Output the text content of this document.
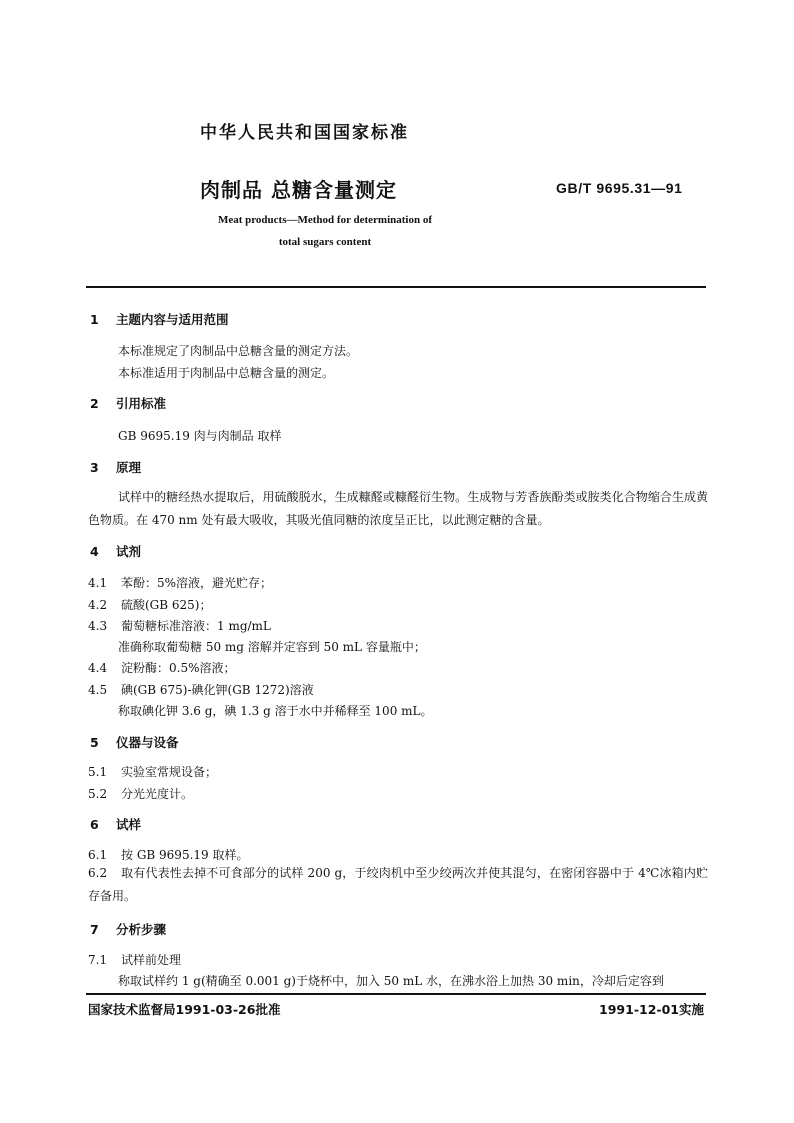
中华人民共和国国家标准
肉制品 总糖含量测定	GB/T 9695.31—91
Meat products—Method for determination of
total sugars content
1 主题内容与适用范围
本标准规定了肉制品中总糖含量的测定方法。
本标准适用于肉制品中总糖含量的测定。
2 引用标准
GB 9695.19 肉与肉制品 取样
3 原理
试样中的糖经热水提取后，用硫酸脱水，生成糠醛或糠醛衍生物。生成物与芳香族酚类或胺类化合物缩合生成黄色物质。在 470 nm 处有最大吸收，其吸光值同糖的浓度呈正比，以此测定糖的含量。
4 试剂
4.1 苯酚：5%溶液，避光贮存；
4.2 硫酸(GB 625)；
4.3 葡萄糖标准溶液：1 mg/mL
准确称取葡萄糖 50 mg 溶解并定容到 50 mL 容量瓶中；
4.4 淀粉酶：0.5%溶液；
4.5 碘(GB 675)-碘化钾(GB 1272)溶液
称取碘化钾 3.6 g，碘 1.3 g 溶于水中并稀释至 100 mL。
5 仪器与设备
5.1 实验室常规设备；
5.2 分光光度计。
6 试样
6.1 按 GB 9695.19 取样。
6.2 取有代表性去掉不可食部分的试样 200 g，于绞肉机中至少绞两次并使其混匀，在密闭容器中于 4℃冰箱内贮存备用。
7 分析步骤
7.1 试样前处理
称取试样约 1 g(精确至 0.001 g)于烧杯中，加入 50 mL 水，在沸水浴上加热 30 min，冷却后定容到
国家技术监督局1991-03-26批准	1991-12-01实施
